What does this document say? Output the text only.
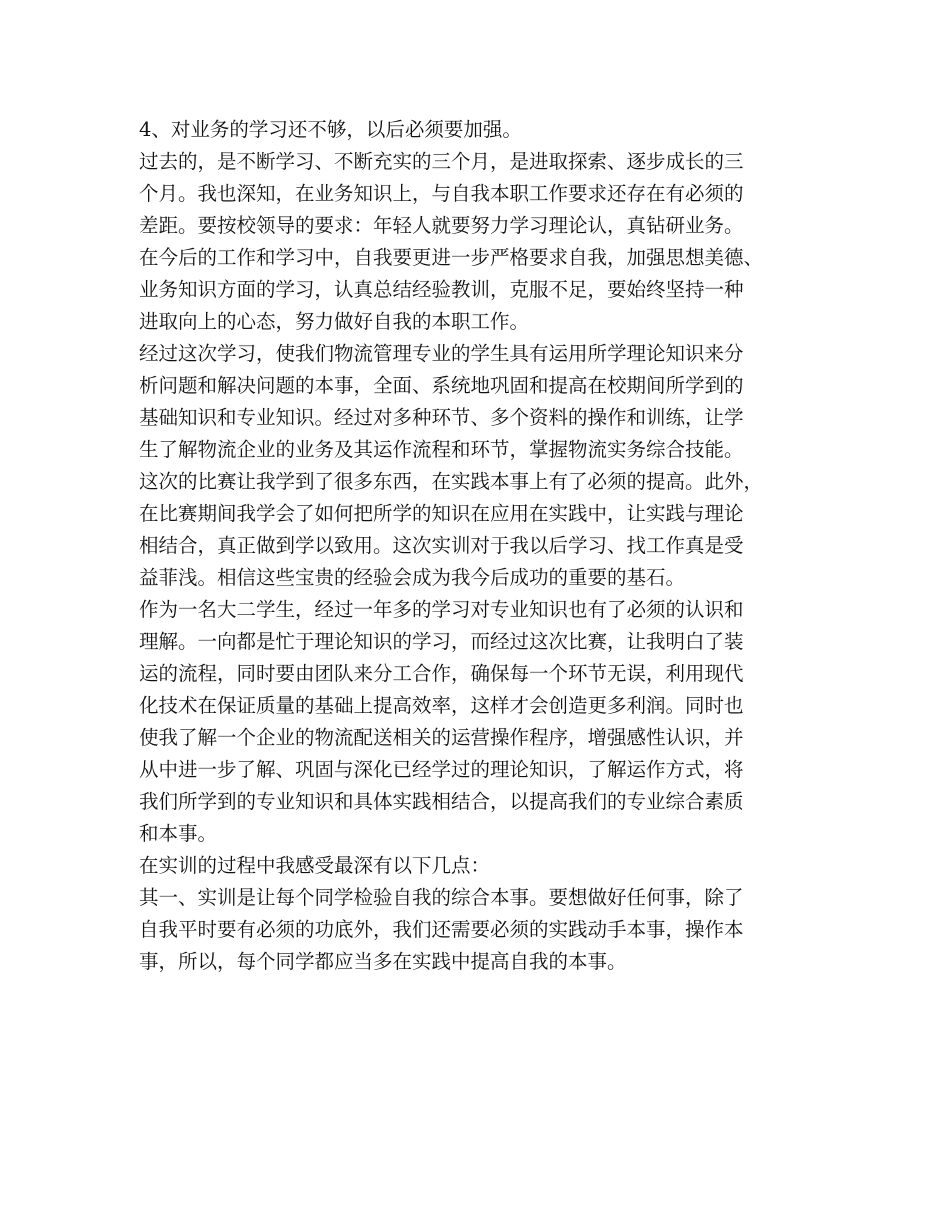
4、对业务的学习还不够，以后必须要加强。
过去的，是不断学习、不断充实的三个月，是进取探索、逐步成长的三
个月。我也深知，在业务知识上，与自我本职工作要求还存在有必须的
差距。要按校领导的要求：年轻人就要努力学习理论认，真钻研业务。
在今后的工作和学习中，自我要更进一步严格要求自我，加强思想美德、
业务知识方面的学习，认真总结经验教训，克服不足，要始终坚持一种
进取向上的心态，努力做好自我的本职工作。
经过这次学习，使我们物流管理专业的学生具有运用所学理论知识来分
析问题和解决问题的本事，全面、系统地巩固和提高在校期间所学到的
基础知识和专业知识。经过对多种环节、多个资料的操作和训练，让学
生了解物流企业的业务及其运作流程和环节，掌握物流实务综合技能。
这次的比赛让我学到了很多东西，在实践本事上有了必须的提高。此外，
在比赛期间我学会了如何把所学的知识在应用在实践中，让实践与理论
相结合，真正做到学以致用。这次实训对于我以后学习、找工作真是受
益菲浅。相信这些宝贵的经验会成为我今后成功的重要的基石。
作为一名大二学生，经过一年多的学习对专业知识也有了必须的认识和
理解。一向都是忙于理论知识的学习，而经过这次比赛，让我明白了装
运的流程，同时要由团队来分工合作，确保每一个环节无误，利用现代
化技术在保证质量的基础上提高效率，这样才会创造更多利润。同时也
使我了解一个企业的物流配送相关的运营操作程序，增强感性认识，并
从中进一步了解、巩固与深化已经学过的理论知识，了解运作方式，将
我们所学到的专业知识和具体实践相结合，以提高我们的专业综合素质
和本事。
在实训的过程中我感受最深有以下几点：
其一、实训是让每个同学检验自我的综合本事。要想做好任何事，除了
自我平时要有必须的功底外，我们还需要必须的实践动手本事，操作本
事，所以，每个同学都应当多在实践中提高自我的本事。
